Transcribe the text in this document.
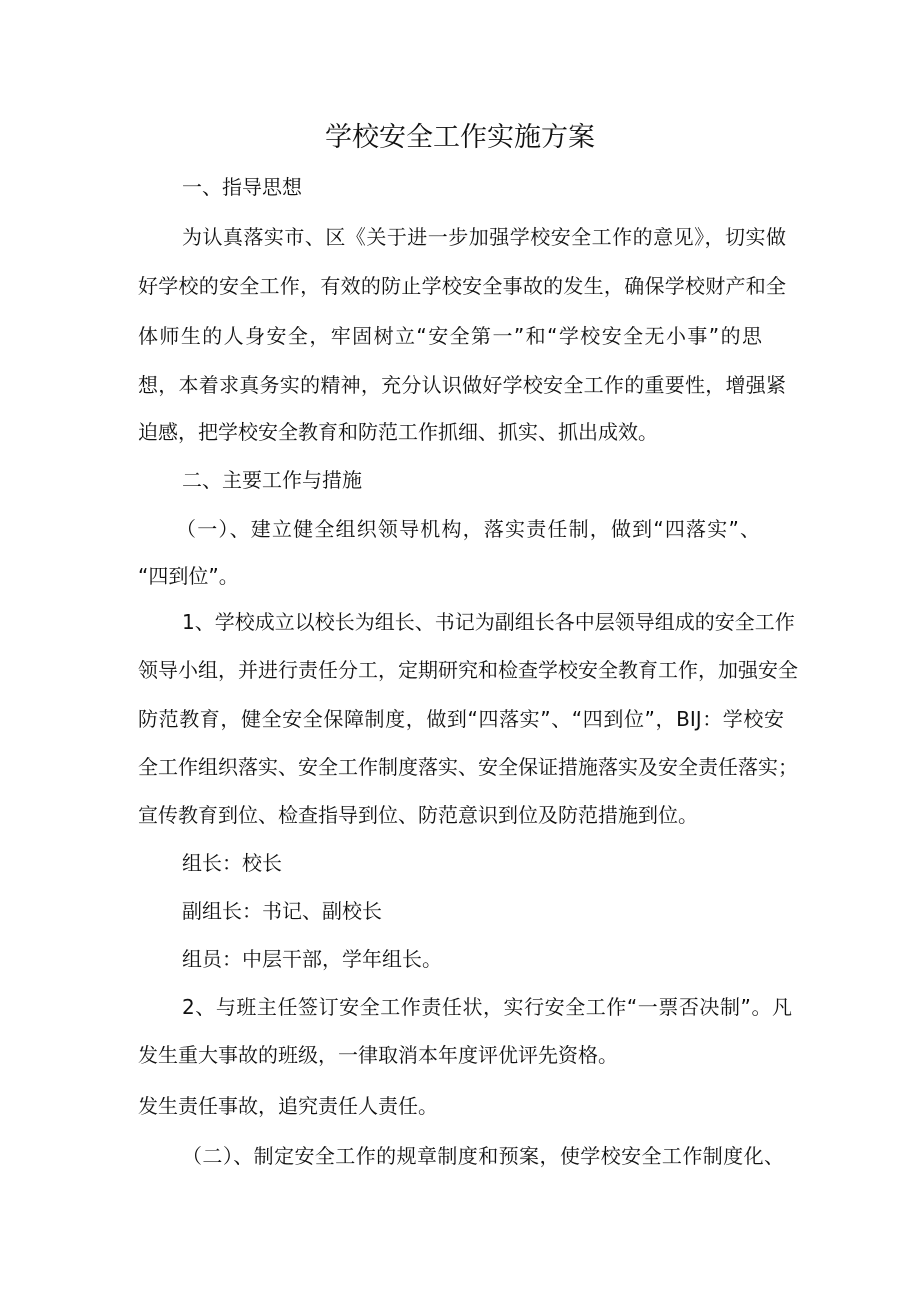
学校安全工作实施方案
一、指导思想
为认真落实市、区《关于进一步加强学校安全工作的意见》，切实做
好学校的安全工作，有效的防止学校安全事故的发生，确保学校财产和全
体师生的人身安全，牢固树立“安全第一”和“学校安全无小事”的思
想，本着求真务实的精神，充分认识做好学校安全工作的重要性，增强紧
迫感，把学校安全教育和防范工作抓细、抓实、抓出成效。
二、主要工作与措施
（一）、建立健全组织领导机构，落实责任制，做到“四落实”、
“四到位”。
1、学校成立以校长为组长、书记为副组长各中层领导组成的安全工作
领导小组，并进行责任分工，定期研究和检查学校安全教育工作，加强安全
防范教育，健全安全保障制度，做到“四落实”、“四到位”，BIJ：学校安
全工作组织落实、安全工作制度落实、安全保证措施落实及安全责任落实；
宣传教育到位、检查指导到位、防范意识到位及防范措施到位。
组长：校长
副组长：书记、副校长
组员：中层干部，学年组长。
2、与班主任签订安全工作责任状，实行安全工作“一票否决制”。凡
发生重大事故的班级，一律取消本年度评优评先资格。
发生责任事故，追究责任人责任。
（二）、制定安全工作的规章制度和预案，使学校安全工作制度化、
